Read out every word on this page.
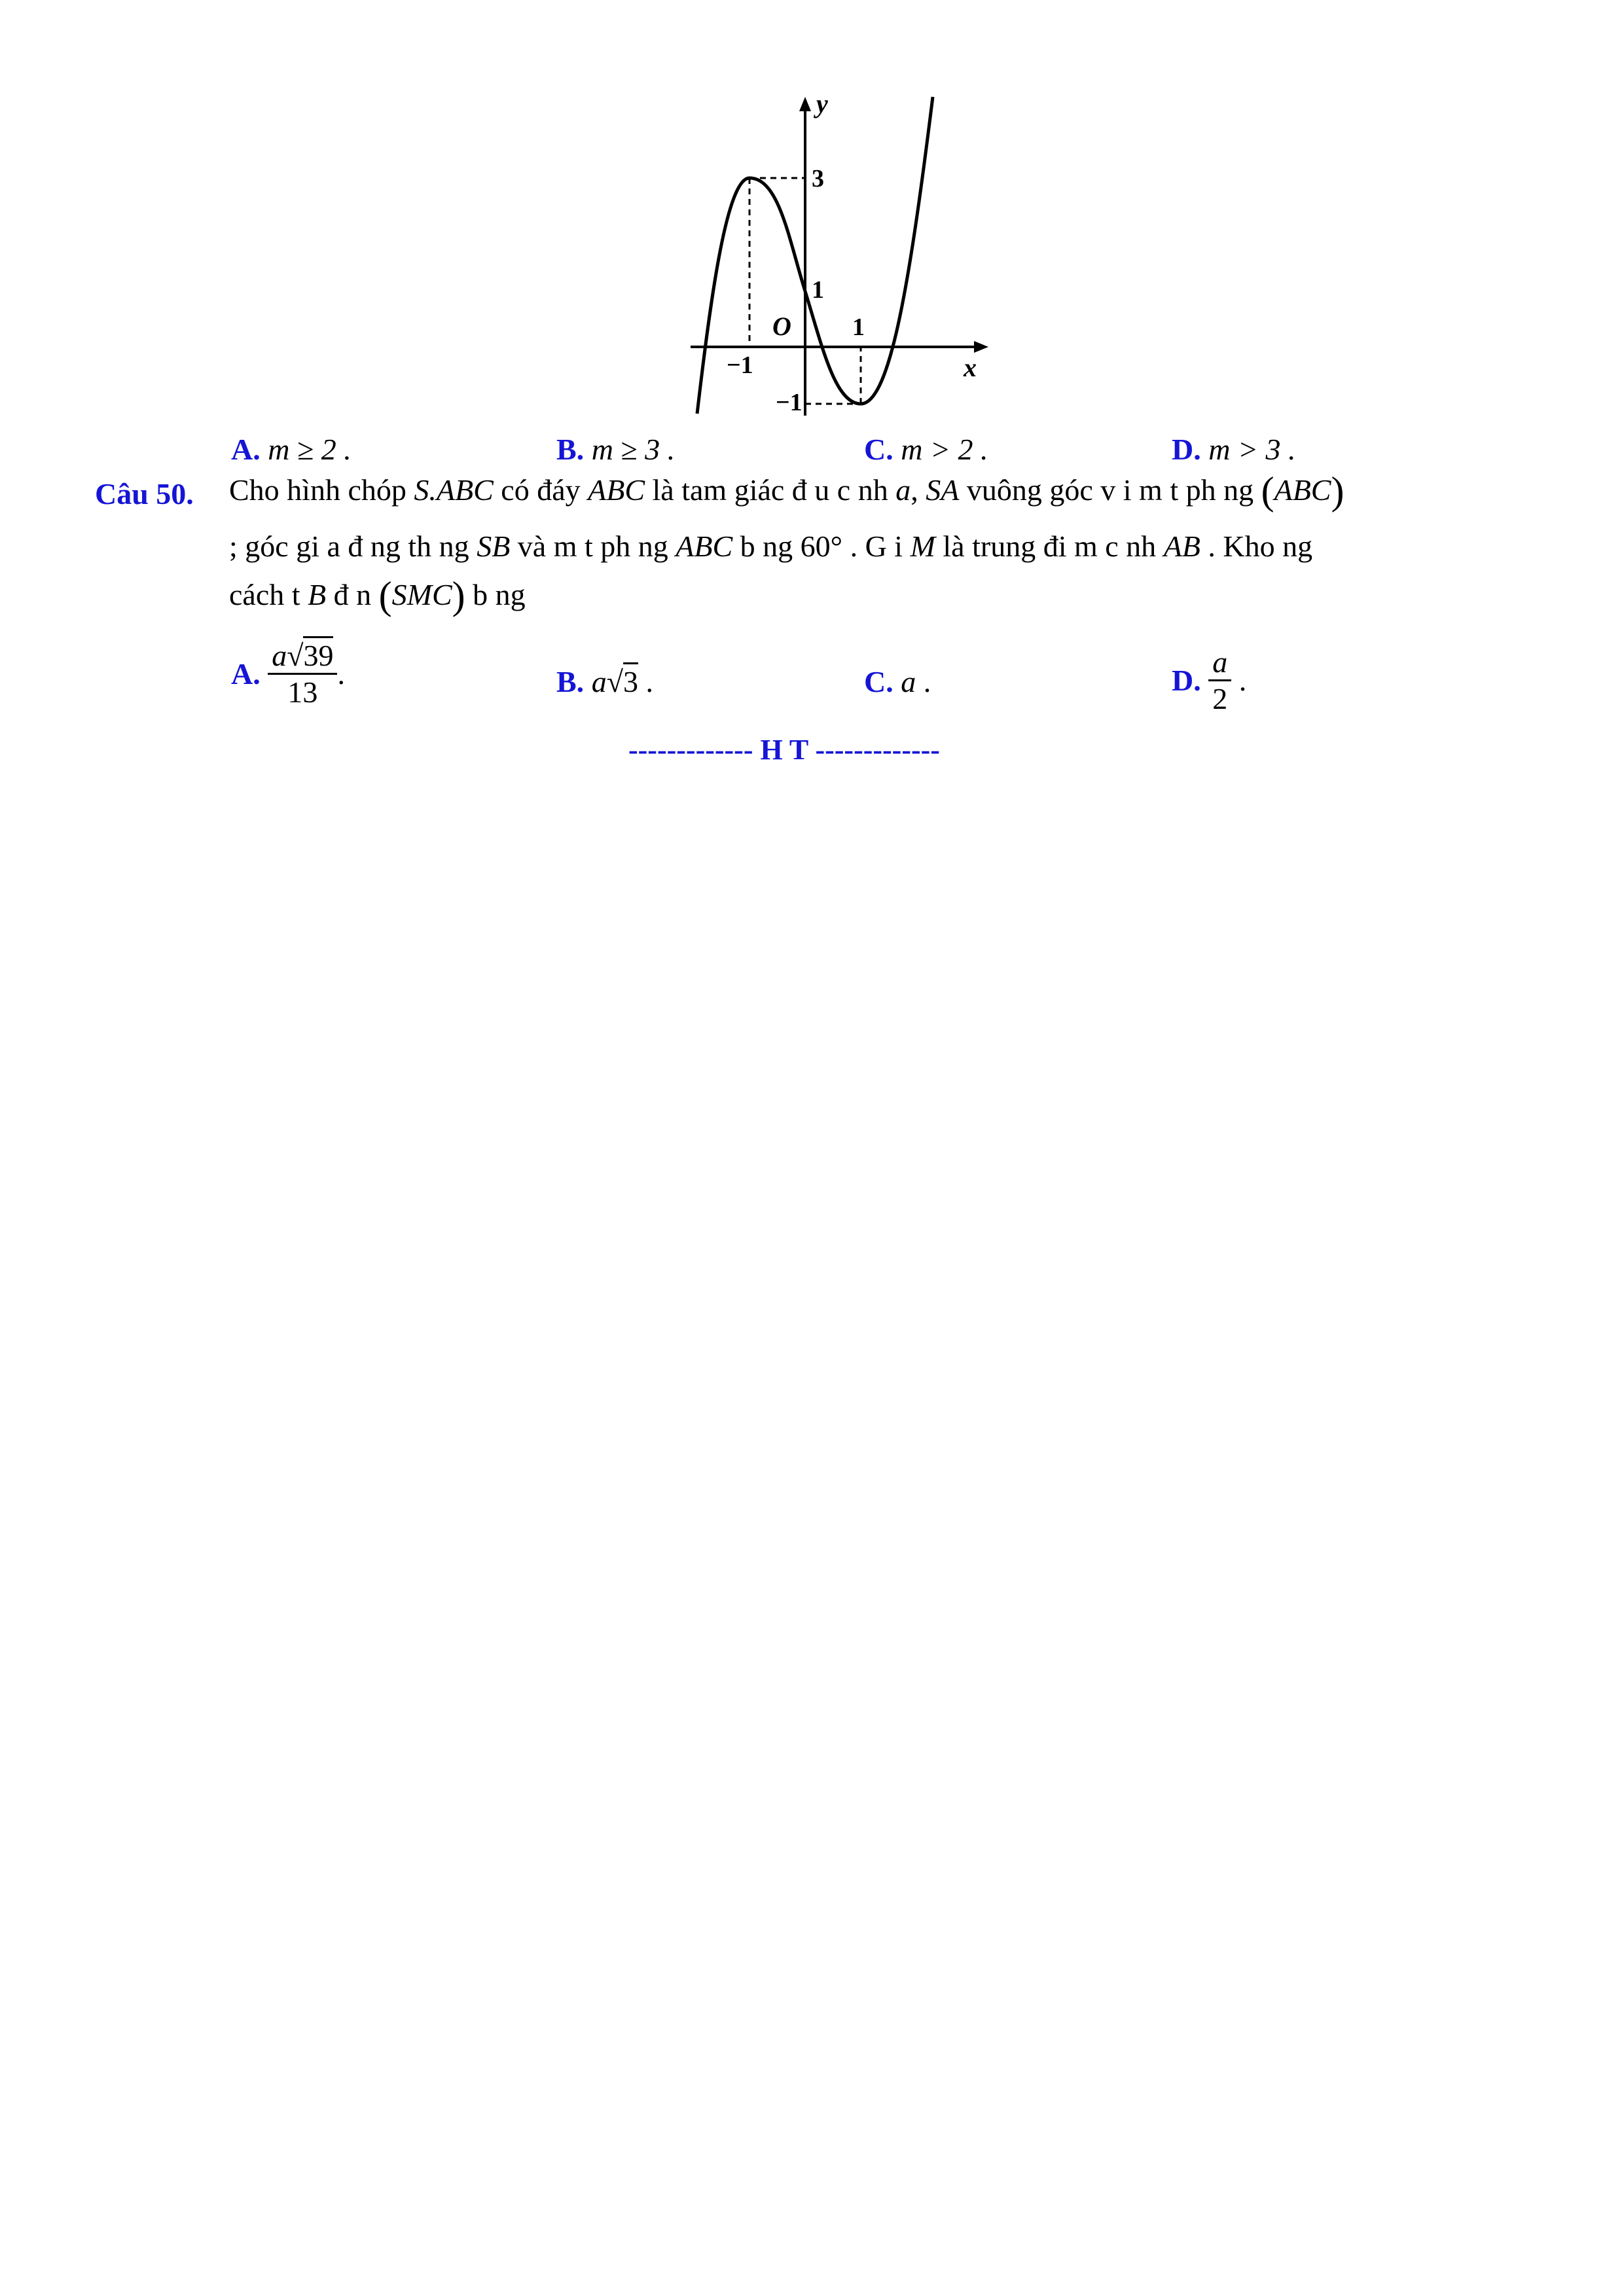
y
x
O
3
1
1
−1
−1
A. m ≥ 2 .	B. m ≥ 3 .	C. m > 2 .	D. m > 3 .
Câu 50. Cho hình chóp S.ABC có đáy ABC là tam giác đ u c nh a, SA vuông góc v i m t ph ng (ABC)
; góc gi a đ ng th ng SB và m t ph ng ABC b ng 60° . G i M là trung đi m c nh AB . Kho ng
cách t B đ n (SMC) b ng
A. $\frac{a√39}{13}$ .	B. a√3 .	C. a .	D. $\frac{a}{2}$ .
------------- H T -------------
